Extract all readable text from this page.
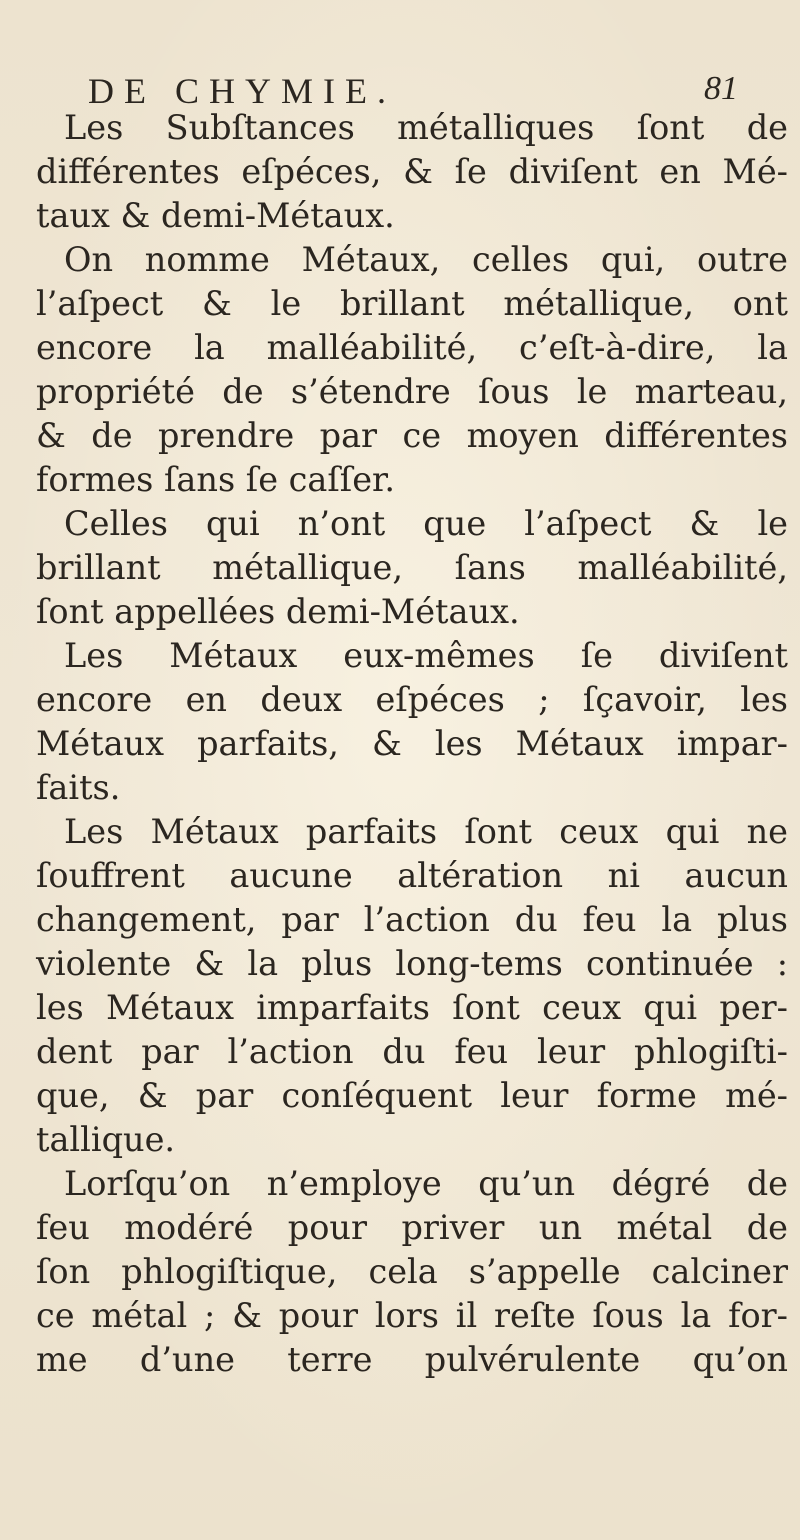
DE CHYMIE.	81
Les Subſtances métalliques ſont de
différentes eſpéces, & ſe diviſent en Mé-
taux & demi-Métaux.
On nomme Métaux, celles qui, outre
l’aſpect & le brillant métallique, ont
encore la malléabilité, c’eſt-à-dire, la
propriété de s’étendre ſous le marteau,
& de prendre par ce moyen différentes
formes ſans ſe caſſer.
Celles qui n’ont que l’aſpect & le
brillant métallique, ſans malléabilité,
ſont appellées demi-Métaux.
Les Métaux eux-mêmes ſe diviſent
encore en deux eſpéces ; ſçavoir, les
Métaux parfaits, & les Métaux impar-
faits.
Les Métaux parfaits ſont ceux qui ne
ſouffrent aucune altération ni aucun
changement, par l’action du feu la plus
violente & la plus long-tems continuée :
les Métaux imparfaits ſont ceux qui per-
dent par l’action du feu leur phlogiſti-
que, & par conſéquent leur forme mé-
tallique.
Lorſqu’on n’employe qu’un dégré de
feu modéré pour priver un métal de
ſon phlogiſtique, cela s’appelle calciner
ce métal ; & pour lors il reſte ſous la for-
me d’une terre pulvérulente qu’on
